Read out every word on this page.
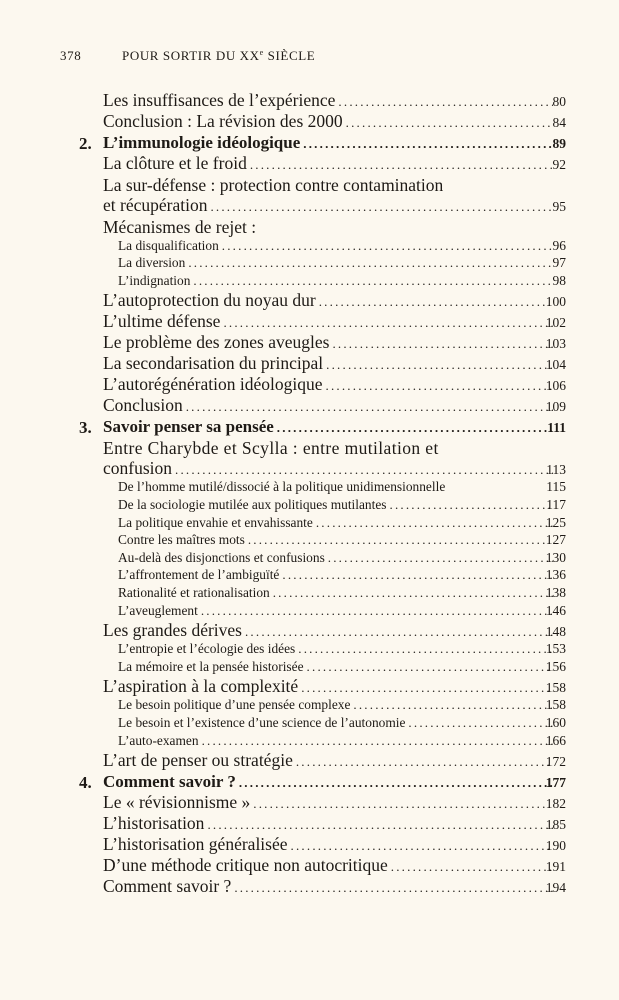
378	POUR SORTIR DU XXe SIÈCLE
Les insuffisances de l’expérience .....	80
Conclusion : La révision des 2000 .....	84
2. L’immunologie idéologique .....	89
La clôture et le froid .....	92
La sur-défense : protection contre contamination
et récupération .....	95
Mécanismes de rejet :
La disqualification .....	96
La diversion .....	97
L’indignation .....	98
L’autoprotection du noyau dur .....	100
L’ultime défense .....	102
Le problème des zones aveugles .....	103
La secondarisation du principal .....	104
L’autorégénération idéologique .....	106
Conclusion .....	109
3. Savoir penser sa pensée .....	111
Entre Charybde et Scylla : entre mutilation et
confusion .....	113
De l’homme mutilé/dissocié à la politique unidimensionnelle	115
De la sociologie mutilée aux politiques mutilantes .....	117
La politique envahie et envahissante .....	125
Contre les maîtres mots .....	127
Au-delà des disjonctions et confusions .....	130
L’affrontement de l’ambiguïté .....	136
Rationalité et rationalisation .....	138
L’aveuglement .....	146
Les grandes dérives .....	148
L’entropie et l’écologie des idées .....	153
La mémoire et la pensée historisée .....	156
L’aspiration à la complexité .....	158
Le besoin politique d’une pensée complexe .....	158
Le besoin et l’existence d’une science de l’autonomie .....	160
L’auto-examen .....	166
L’art de penser ou stratégie .....	172
4. Comment savoir ? .....	177
Le « révisionnisme » .....	182
L’historisation .....	185
L’historisation généralisée .....	190
D’une méthode critique non autocritique .....	191
Comment savoir ? .....	194
